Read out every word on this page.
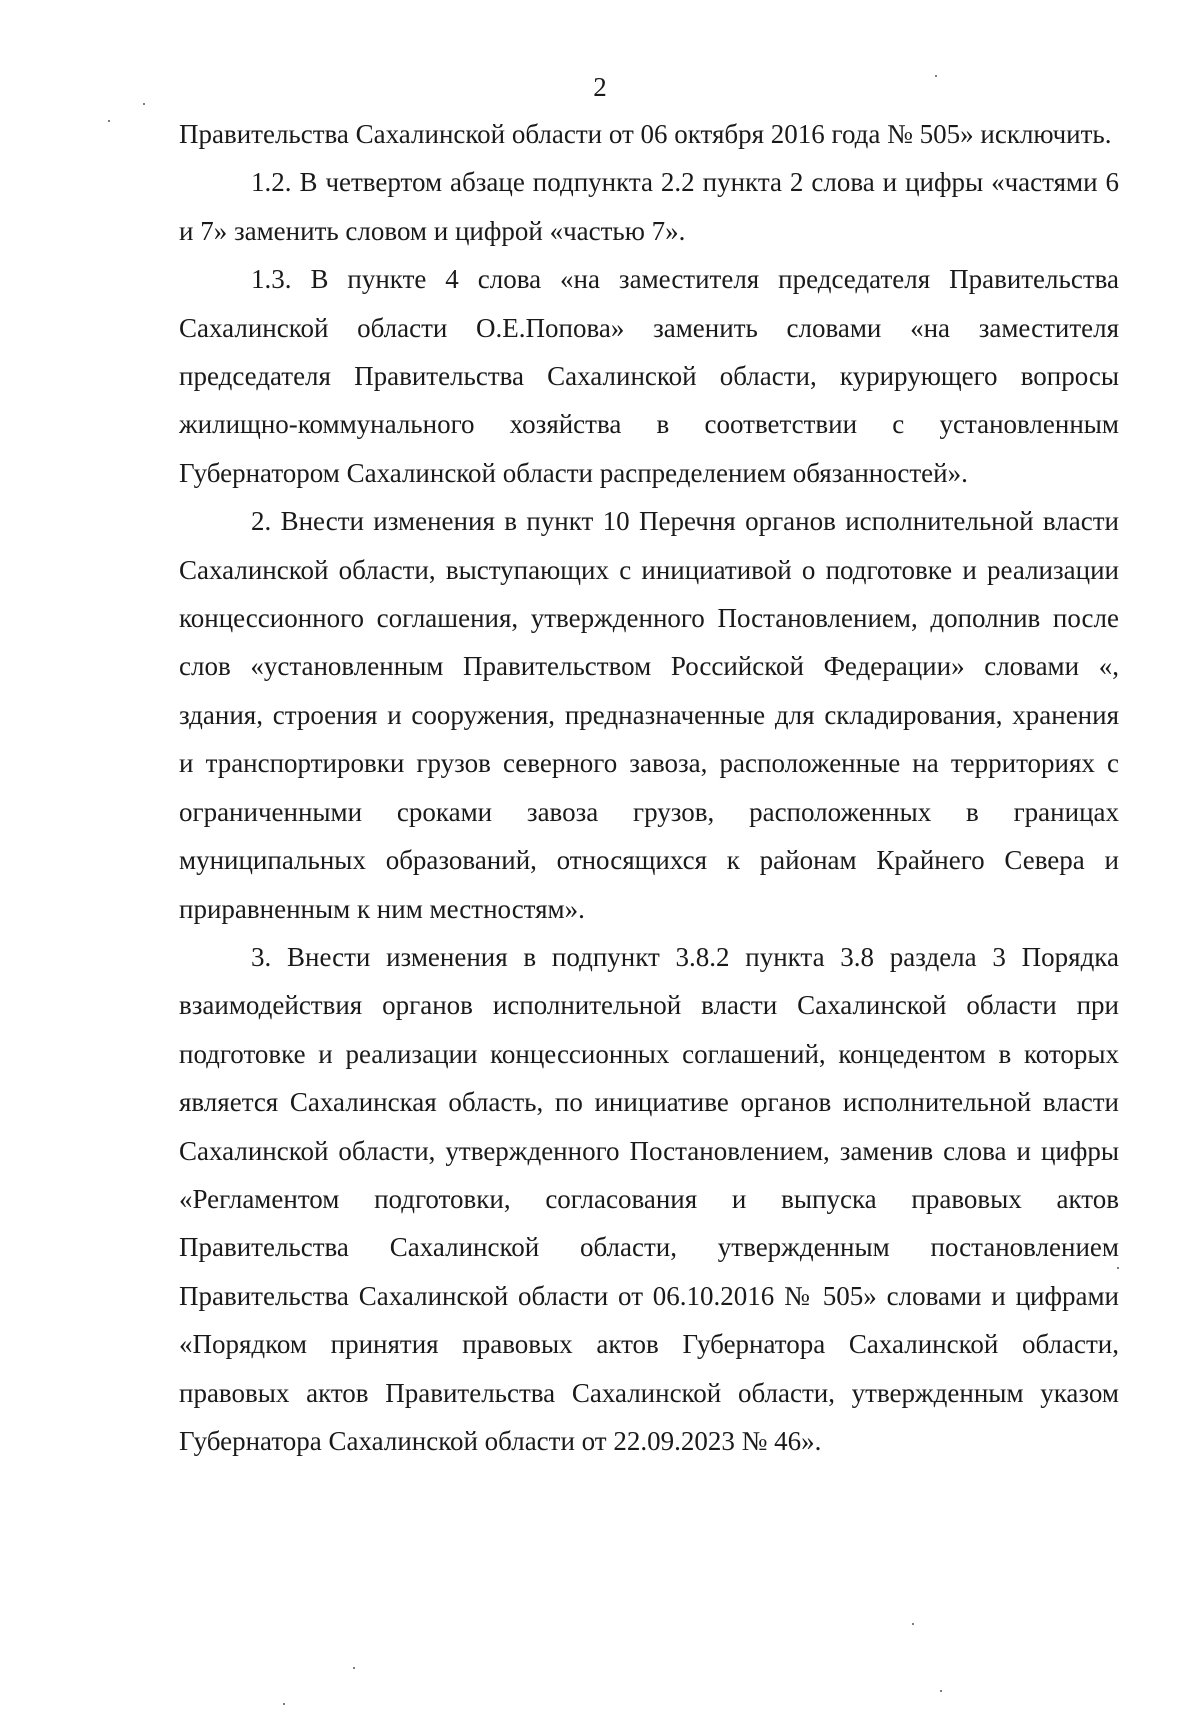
2

Правительства Сахалинской области от 06 октября 2016 года № 505» исключить.

1.2. В четвертом абзаце подпункта 2.2 пункта 2 слова и цифры «частями 6 и 7» заменить словом и цифрой «частью 7».

1.3. В пункте 4 слова «на заместителя председателя Правительства Сахалинской области О.Е.Попова» заменить словами «на заместителя председателя Правительства Сахалинской области, курирующего вопросы жилищно-коммунального хозяйства в соответствии с установленным Губернатором Сахалинской области распределением обязанностей».

2. Внести изменения в пункт 10 Перечня органов исполнительной власти Сахалинской области, выступающих с инициативой о подготовке и реализации концессионного соглашения, утвержденного Постановлением, дополнив после слов «установленным Правительством Российской Федерации» словами «, здания, строения и сооружения, предназначенные для складирования, хранения и транспортировки грузов северного завоза, расположенные на территориях с ограниченными сроками завоза грузов, расположенных в границах муниципальных образований, относящихся к районам Крайнего Севера и приравненным к ним местностям».

3. Внести изменения в подпункт 3.8.2 пункта 3.8 раздела 3 Порядка взаимодействия органов исполнительной власти Сахалинской области при подготовке и реализации концессионных соглашений, концедентом в которых является Сахалинская область, по инициативе органов исполнительной власти Сахалинской области, утвержденного Постановлением, заменив слова и цифры «Регламентом подготовки, согласования и выпуска правовых актов Правительства Сахалинской области, утвержденным постановлением Правительства Сахалинской области от 06.10.2016 № 505» словами и цифрами «Порядком принятия правовых актов Губернатора Сахалинской области, правовых актов Правительства Сахалинской области, утвержденным указом Губернатора Сахалинской области от 22.09.2023 № 46».
